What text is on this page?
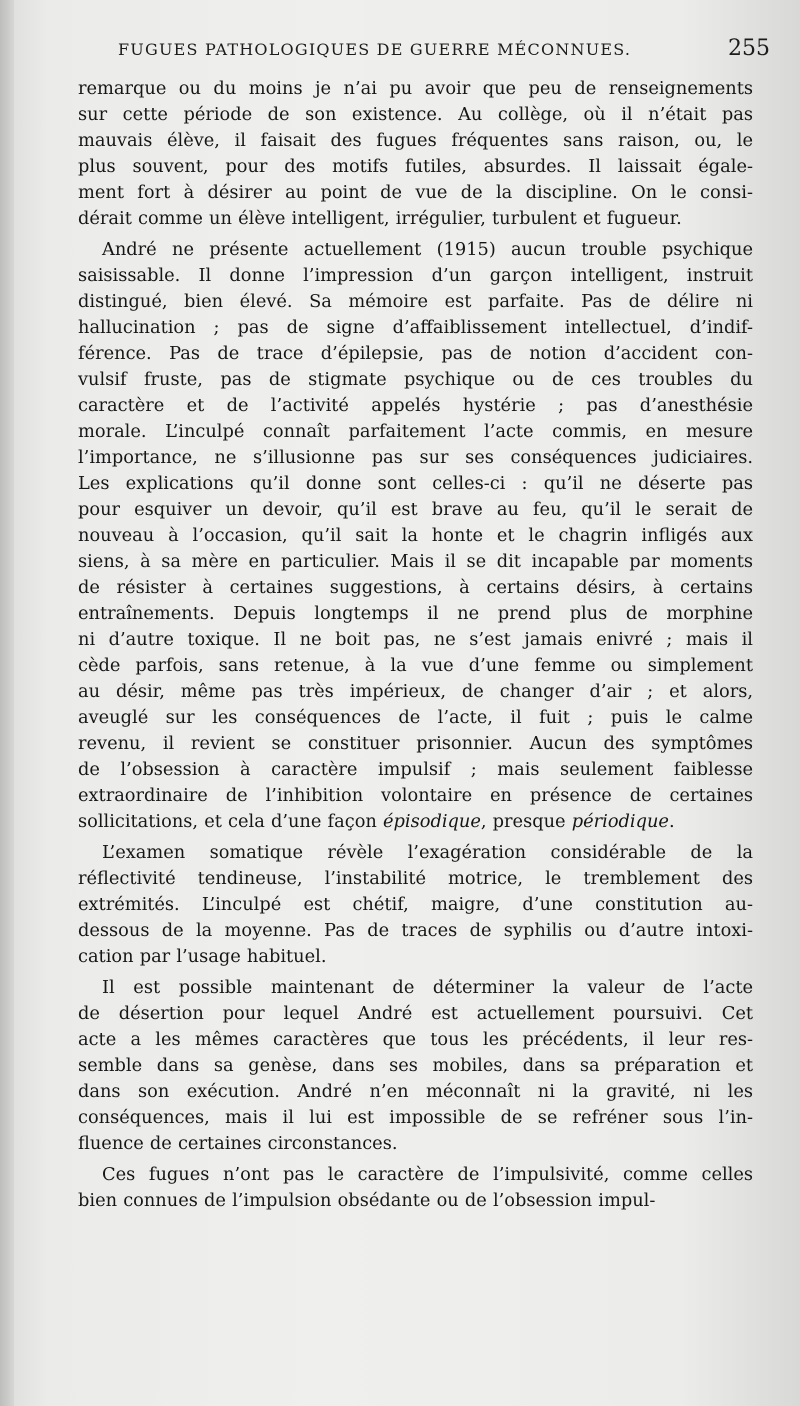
FUGUES PATHOLOGIQUES DE GUERRE MÉCONNUES.	255
remarque ou du moins je n’ai pu avoir que peu de renseignements
sur cette période de son existence. Au collège, où il n’était pas
mauvais élève, il faisait des fugues fréquentes sans raison, ou, le
plus souvent, pour des motifs futiles, absurdes. Il laissait égale-
ment fort à désirer au point de vue de la discipline. On le consi-
dérait comme un élève intelligent, irrégulier, turbulent et fugueur.
André ne présente actuellement (1915) aucun trouble psychique
saisissable. Il donne l’impression d’un garçon intelligent, instruit
distingué, bien élevé. Sa mémoire est parfaite. Pas de délire ni
hallucination ; pas de signe d’affaiblissement intellectuel, d’indif-
férence. Pas de trace d’épilepsie, pas de notion d’accident con-
vulsif fruste, pas de stigmate psychique ou de ces troubles du
caractère et de l’activité appelés hystérie ; pas d’anesthésie
morale. L’inculpé connaît parfaitement l’acte commis, en mesure
l’importance, ne s’illusionne pas sur ses conséquences judiciaires.
Les explications qu’il donne sont celles-ci : qu’il ne déserte pas
pour esquiver un devoir, qu’il est brave au feu, qu’il le serait de
nouveau à l’occasion, qu’il sait la honte et le chagrin infligés aux
siens, à sa mère en particulier. Mais il se dit incapable par moments
de résister à certaines suggestions, à certains désirs, à certains
entraînements. Depuis longtemps il ne prend plus de morphine
ni d’autre toxique. Il ne boit pas, ne s’est jamais enivré ; mais il
cède parfois, sans retenue, à la vue d’une femme ou simplement
au désir, même pas très impérieux, de changer d’air ; et alors,
aveuglé sur les conséquences de l’acte, il fuit ; puis le calme
revenu, il revient se constituer prisonnier. Aucun des symptômes
de l’obsession à caractère impulsif ; mais seulement faiblesse
extraordinaire de l’inhibition volontaire en présence de certaines
sollicitations, et cela d’une façon épisodique, presque périodique.
L’examen somatique révèle l’exagération considérable de la
réflectivité tendineuse, l’instabilité motrice, le tremblement des
extrémités. L’inculpé est chétif, maigre, d’une constitution au-
dessous de la moyenne. Pas de traces de syphilis ou d’autre intoxi-
cation par l’usage habituel.
Il est possible maintenant de déterminer la valeur de l’acte
de désertion pour lequel André est actuellement poursuivi. Cet
acte a les mêmes caractères que tous les précédents, il leur res-
semble dans sa genèse, dans ses mobiles, dans sa préparation et
dans son exécution. André n’en méconnaît ni la gravité, ni les
conséquences, mais il lui est impossible de se refréner sous l’in-
fluence de certaines circonstances.
Ces fugues n’ont pas le caractère de l’impulsivité, comme celles
bien connues de l’impulsion obsédante ou de l’obsession impul-
